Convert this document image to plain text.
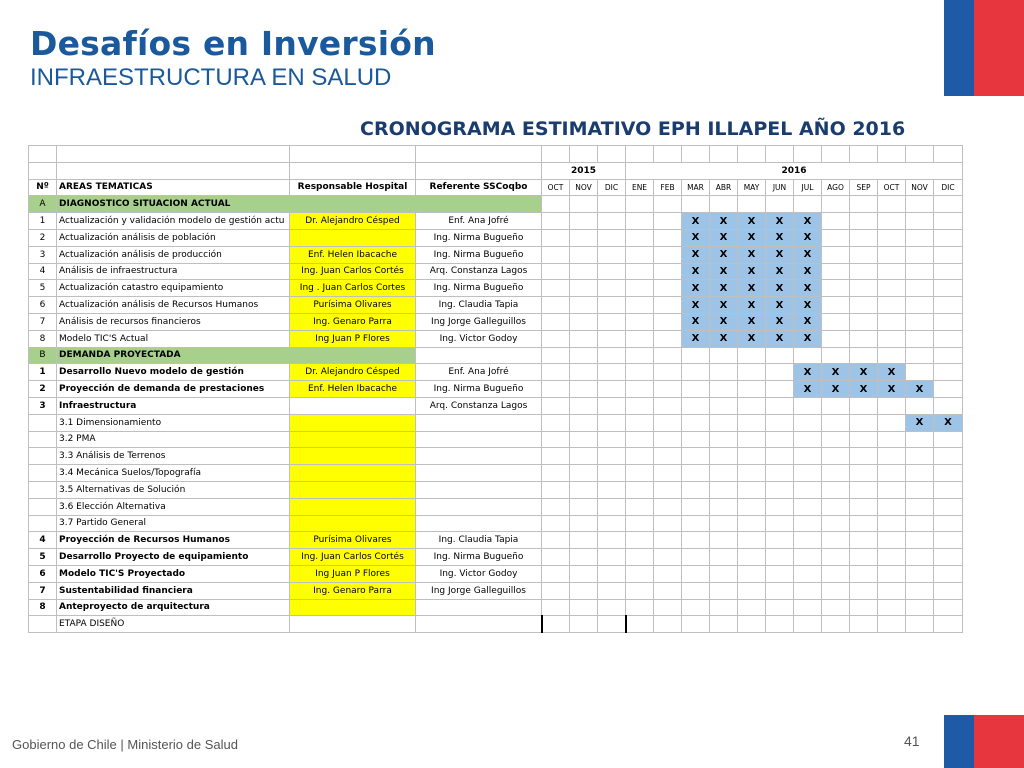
Desafíos en Inversión
INFRAESTRUCTURA EN SALUD
CRONOGRAMA ESTIMATIVO EPH ILLAPEL AÑO 2016

				2015			2016											
Nº	AREAS TEMATICAS	Responsable Hospital	Referente SSCoqbo	OCT	NOV	DIC	ENE	FEB	MAR	ABR	MAY	JUN	JUL	AGO	SEP	OCT	NOV	DIC
A	DIAGNOSTICO SITUACION ACTUAL																	
1	Actualización y validación modelo de gestión actu	Dr. Alejandro Césped	Enf. Ana Jofré						X	X	X	X	X					
2	Actualización análisis de población		Ing. Nirma Bugueño						X	X	X	X	X					
3	Actualización análisis de producción	Enf. Helen Ibacache	Ing. Nirma Bugueño						X	X	X	X	X					
4	Análisis de infraestructura	Ing. Juan Carlos Cortés	Arq. Constanza Lagos						X	X	X	X	X					
5	Actualización catastro equipamiento	Ing . Juan Carlos Cortes	Ing. Nirma Bugueño						X	X	X	X	X					
6	Actualización análisis de Recursos Humanos	Purísima Olivares	Ing. Claudia Tapia						X	X	X	X	X					
7	Análisis de recursos financieros	Ing. Genaro Parra	Ing Jorge Galleguillos						X	X	X	X	X					
8	Modelo TIC'S Actual	Ing Juan P Flores	Ing. Victor Godoy						X	X	X	X	X					
B	DEMANDA PROYECTADA																	
1	Desarrollo Nuevo modelo de gestión	Dr. Alejandro Césped	Enf. Ana Jofré										X	X	X	X		
2	Proyección de demanda de prestaciones	Enf. Helen Ibacache	Ing. Nirma Bugueño										X	X	X	X	X	
3	Infraestructura		Arq. Constanza Lagos															
	3.1 Dimensionamiento																X	X
	3.2 PMA																	
	3.3 Análisis de Terrenos																	
	3.4 Mecánica Suelos/Topografía																	
	3.5 Alternativas de Solución																	
	3.6 Elección Alternativa																	
	3.7 Partido General																	
4	Proyección de Recursos Humanos	Purísima Olivares	Ing. Claudia Tapia															
5	Desarrollo Proyecto de equipamiento	Ing. Juan Carlos Cortés	Ing. Nirma Bugueño															
6	Modelo TIC'S Proyectado	Ing Juan P Flores	Ing. Victor Godoy															
7	Sustentabilidad financiera	Ing. Genaro Parra	Ing Jorge Galleguillos															
8	Anteproyecto de arquitectura																	
	ETAPA DISEÑO																	
Gobierno de Chile | Ministerio de Salud	41
